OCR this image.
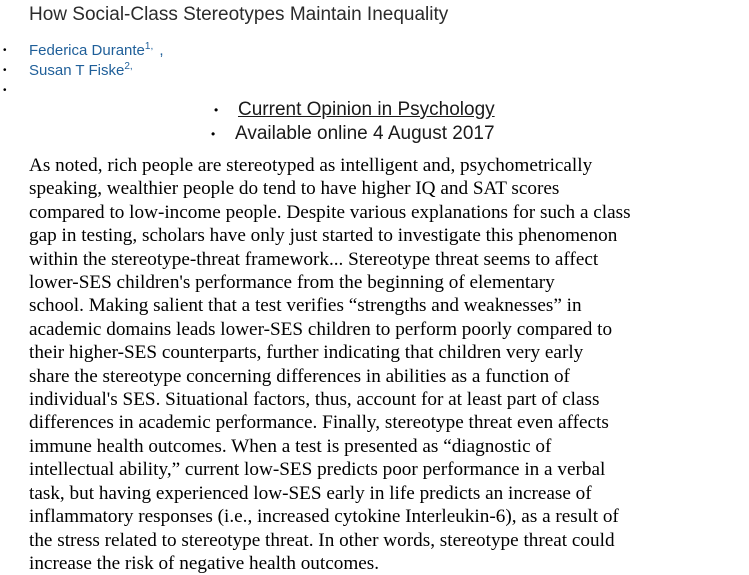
How Social-Class Stereotypes Maintain Inequality
• Federica Durante$^{1,}$ ,
• Susan T Fiske$^{2,}$
•
• Current Opinion in Psychology
• Available online 4 August 2017

As noted, rich people are stereotyped as intelligent and, psychometrically
speaking, wealthier people do tend to have higher IQ and SAT scores
compared to low-income people. Despite various explanations for such a class
gap in testing, scholars have only just started to investigate this phenomenon
within the stereotype-threat framework... Stereotype threat seems to affect
lower-SES children's performance from the beginning of elementary
school. Making salient that a test verifies “strengths and weaknesses” in
academic domains leads lower-SES children to perform poorly compared to
their higher-SES counterparts, further indicating that children very early
share the stereotype concerning differences in abilities as a function of
individual's SES. Situational factors, thus, account for at least part of class
differences in academic performance. Finally, stereotype threat even affects
immune health outcomes. When a test is presented as “diagnostic of
intellectual ability,” current low-SES predicts poor performance in a verbal
task, but having experienced low-SES early in life predicts an increase of
inflammatory responses (i.e., increased cytokine Interleukin-6), as a result of
the stress related to stereotype threat. In other words, stereotype threat could
increase the risk of negative health outcomes.
